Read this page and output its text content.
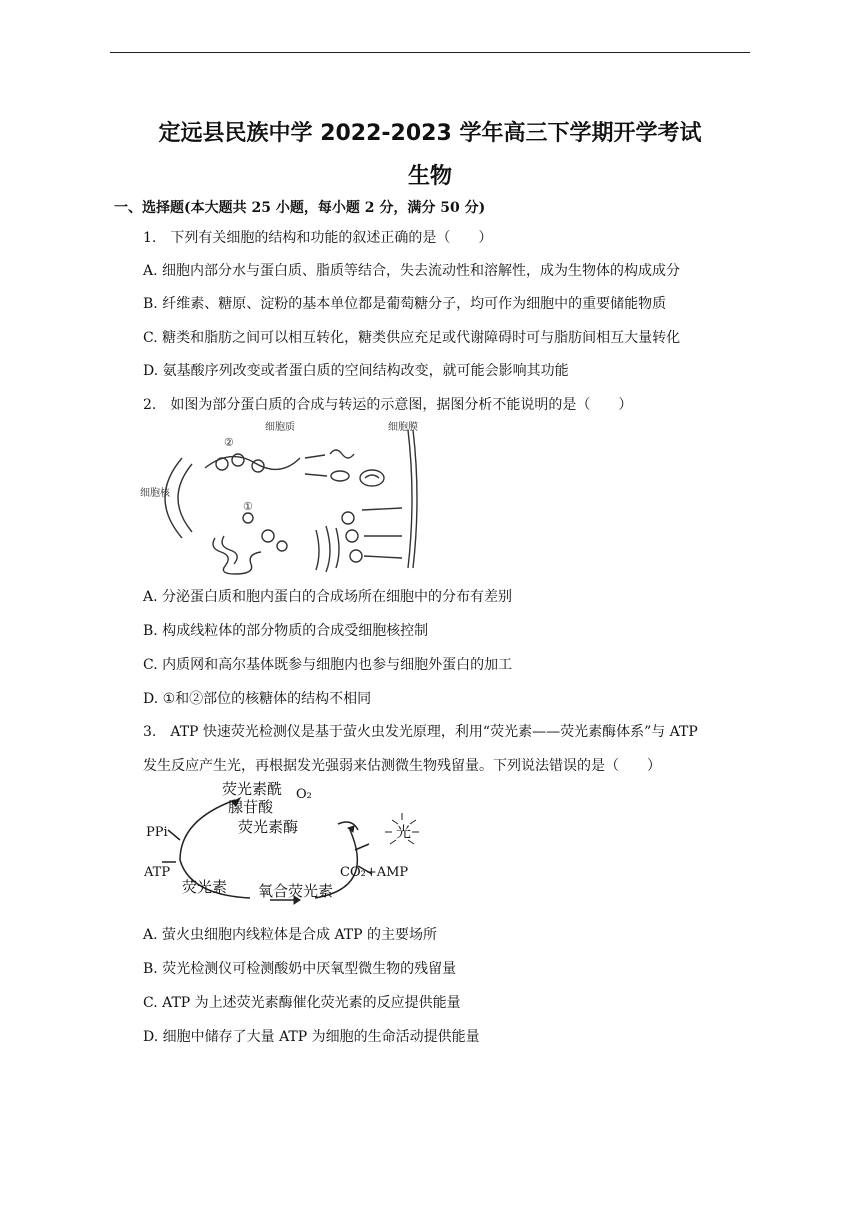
定远县民族中学 2022-2023 学年高三下学期开学考试
生物
一、选择题(本大题共 25 小题，每小题 2 分，满分 50 分)
1.　下列有关细胞的结构和功能的叙述正确的是（　　）
A. 细胞内部分水与蛋白质、脂质等结合，失去流动性和溶解性，成为生物体的构成成分
B. 纤维素、糖原、淀粉的基本单位都是葡萄糖分子，均可作为细胞中的重要储能物质
C. 糖类和脂肪之间可以相互转化，糖类供应充足或代谢障碍时可与脂肪间相互大量转化
D. 氨基酸序列改变或者蛋白质的空间结构改变，就可能会影响其功能
2.　如图为部分蛋白质的合成与转运的示意图，据图分析不能说明的是（　　）
细胞质	细胞膜
细胞核
②
①
A. 分泌蛋白质和胞内蛋白的合成场所在细胞中的分布有差别
B. 构成线粒体的部分物质的合成受细胞核控制
C. 内质网和高尔基体既参与细胞内也参与细胞外蛋白的加工
D. ①和②部位的核糖体的结构不相同
3.　ATP 快速荧光检测仪是基于萤火虫发光原理，利用“荧光素——荧光素酶体系”与 ATP
发生反应产生光，再根据发光强弱来估测微生物残留量。下列说法错误的是（　　）
荧光素酰
腺苷酸
O₂
荧光素酶	光
PPi
ATP	CO₂+AMP
荧光素 氧合荧光素
A. 萤火虫细胞内线粒体是合成 ATP 的主要场所
B. 荧光检测仪可检测酸奶中厌氧型微生物的残留量
C. ATP 为上述荧光素酶催化荧光素的反应提供能量
D. 细胞中储存了大量 ATP 为细胞的生命活动提供能量
